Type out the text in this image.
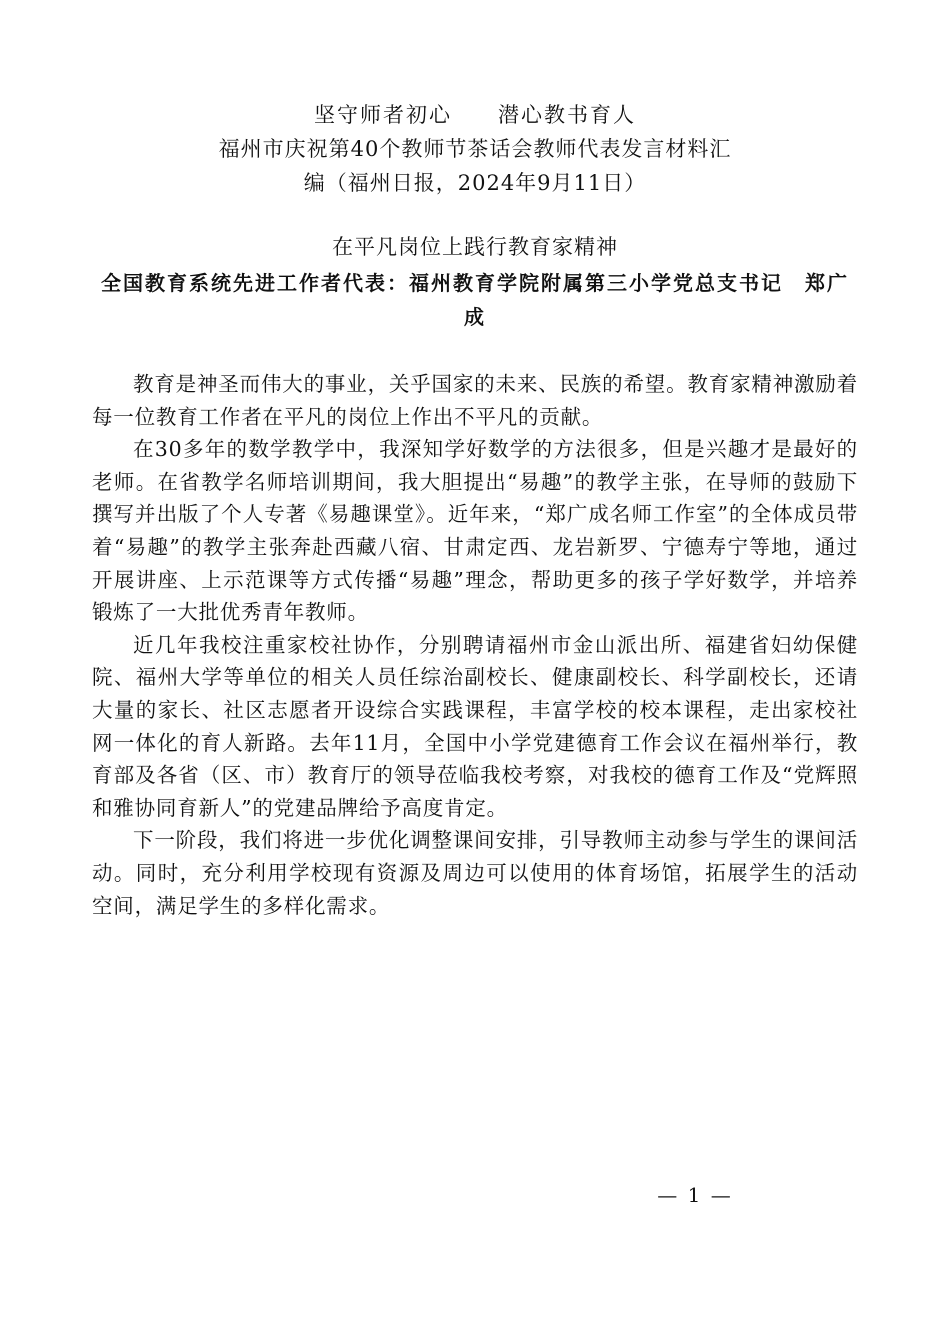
坚守师者初心　　潜心教书育人
福州市庆祝第40个教师节茶话会教师代表发言材料汇
编（福州日报，2024年9月11日）
在平凡岗位上践行教育家精神
全国教育系统先进工作者代表：福州教育学院附属第三小学党总支书记　郑广成

教育是神圣而伟大的事业，关乎国家的未来、民族的希望。教育家精神激励着每一位教育工作者在平凡的岗位上作出不平凡的贡献。

在30多年的数学教学中，我深知学好数学的方法很多，但是兴趣才是最好的老师。在省教学名师培训期间，我大胆提出“易趣”的教学主张，在导师的鼓励下撰写并出版了个人专著《易趣课堂》。近年来，“郑广成名师工作室”的全体成员带着“易趣”的教学主张奔赴西藏八宿、甘肃定西、龙岩新罗、宁德寿宁等地，通过开展讲座、上示范课等方式传播“易趣”理念，帮助更多的孩子学好数学，并培养锻炼了一大批优秀青年教师。

近几年我校注重家校社协作，分别聘请福州市金山派出所、福建省妇幼保健院、福州大学等单位的相关人员任综治副校长、健康副校长、科学副校长，还请大量的家长、社区志愿者开设综合实践课程，丰富学校的校本课程，走出家校社网一体化的育人新路。去年11月，全国中小学党建德育工作会议在福州举行，教育部及各省（区、市）教育厅的领导莅临我校考察，对我校的德育工作及“党辉照和雅协同育新人”的党建品牌给予高度肯定。

下一阶段，我们将进一步优化调整课间安排，引导教师主动参与学生的课间活动。同时，充分利用学校现有资源及周边可以使用的体育场馆，拓展学生的活动空间，满足学生的多样化需求。

— 1 —
